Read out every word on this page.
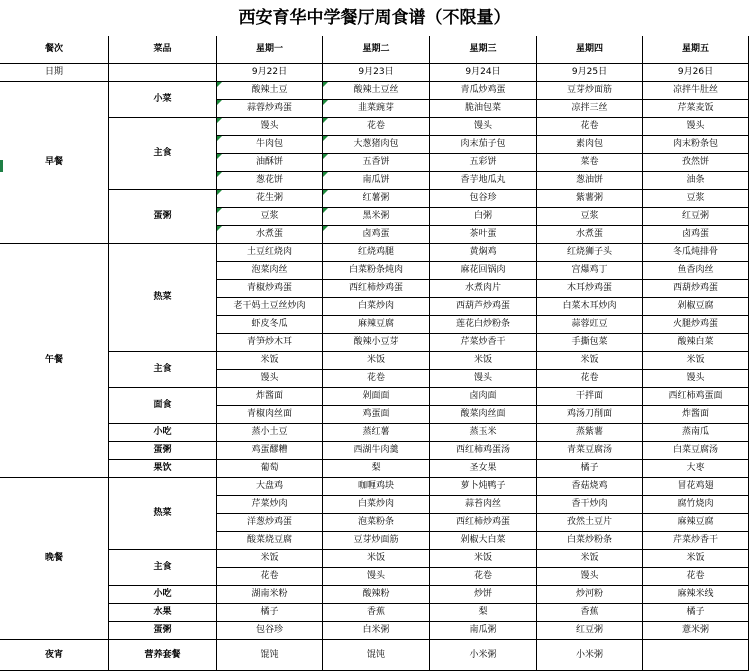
西安育华中学餐厅周食谱（不限量）
餐次	菜品	星期一	星期二	星期三	星期四	星期五
日期	9月22日	9月23日	9月24日	9月25日	9月26日
早餐
小菜
酸辣土豆	酸辣土豆丝	青瓜炒鸡蛋	豆芽炒面筋	凉拌牛肚丝
蒜蓉炒鸡蛋	韭菜豌芽	脆油包菜	凉拌三丝	芹菜麦饭
主食
馒头	花卷	馒头	花卷	馒头
牛肉包	大葱猪肉包	肉末茄子包	素肉包	肉末粉条包
油酥饼	五香饼	五彩饼	菜卷	孜然饼
葱花饼	南瓜饼	香芋地瓜丸	葱油饼	油条
蛋粥
花生粥	红薯粥	包谷珍	紫薯粥	豆浆
豆浆	黑米粥	白粥	豆浆	红豆粥
水煮蛋	卤鸡蛋	茶叶蛋	水煮蛋	卤鸡蛋
午餐
热菜
土豆红烧肉	红烧鸡腿	黄焖鸡	红烧狮子头	冬瓜炖排骨
泡菜肉丝	白菜粉条炖肉	麻花回锅肉	宫爆鸡丁	鱼香肉丝
青椒炒鸡蛋	西红柿炒鸡蛋	水煮肉片	木耳炒鸡蛋	西葫炒鸡蛋
老干妈土豆丝炒肉	白菜炒肉	西葫芦炒鸡蛋	白菜木耳炒肉	剁椒豆腐
虾皮冬瓜	麻辣豆腐	莲花白炒粉条	蒜蓉豇豆	火腿炒鸡蛋
青笋炒木耳	酸辣小豆芽	芹菜炒香干	手撕包菜	酸辣白菜
主食
米饭	米饭	米饭	米饭	米饭
馒头	花卷	馒头	花卷	馒头
面食
炸酱面	剁面面	卤肉面	干拌面	西红柿鸡蛋面
青椒肉丝面	鸡蛋面	酸菜肉丝面	鸡汤刀削面	炸酱面
小吃	蒸小土豆	蒸红薯	蒸玉米	蒸紫薯	蒸南瓜
蛋粥	鸡蛋醪糟	西湖牛肉羹	西红柿鸡蛋汤	青菜豆腐汤	白菜豆腐汤
果饮	葡萄	梨	圣女果	橘子	大枣
晚餐
热菜
大盘鸡	咖喱鸡块	萝卜炖鸭子	香菇烧鸡	冒花鸡翅
芹菜炒肉	白菜炒肉	蒜苔肉丝	香干炒肉	腐竹烧肉
洋葱炒鸡蛋	泡菜粉条	西红柿炒鸡蛋	孜然土豆片	麻辣豆腐
酸菜烧豆腐	豆芽炒面筋	剁椒大白菜	白菜炒粉条	芹菜炒香干
主食
米饭	米饭	米饭	米饭	米饭
花卷	馒头	花卷	馒头	花卷
小吃	湖南米粉	酸辣粉	炒饼	炒河粉	麻辣米线
水果	橘子	香蕉	梨	香蕉	橘子
蛋粥	包谷珍	白米粥	南瓜粥	红豆粥	薏米粥
夜宵	营养套餐	馄饨	馄饨	小米粥	小米粥
